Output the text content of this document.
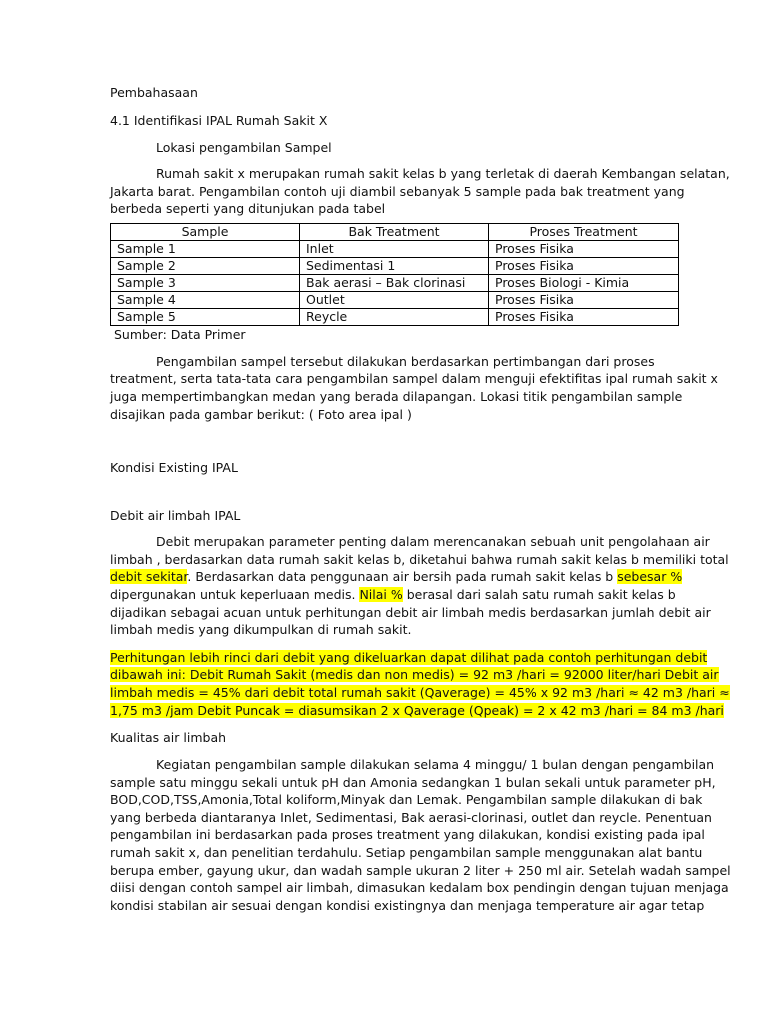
Pembahasaan

4.1 Identifikasi IPAL Rumah Sakit X

Lokasi pengambilan Sampel

Rumah sakit x merupakan rumah sakit kelas b yang terletak di daerah Kembangan selatan,

Jakarta barat. Pengambilan contoh uji diambil sebanyak 5 sample pada bak treatment yang

berbeda seperti yang ditunjukan pada tabel

Sample	Bak Treatment	Proses Treatment
Sample 1	Inlet	Proses Fisika
Sample 2	Sedimentasi 1	Proses Fisika
Sample 3	Bak aerasi – Bak clorinasi	Proses Biologi - Kimia
Sample 4	Outlet	Proses Fisika
Sample 5	Reycle	Proses Fisika

Sumber: Data Primer

Pengambilan sampel tersebut dilakukan berdasarkan pertimbangan dari proses

treatment, serta tata-tata cara pengambilan sampel dalam menguji efektifitas ipal rumah sakit x

juga mempertimbangkan medan yang berada dilapangan. Lokasi titik pengambilan sample

disajikan pada gambar berikut: ( Foto area ipal )

Kondisi Existing IPAL

Debit air limbah IPAL

Debit merupakan parameter penting dalam merencanakan sebuah unit pengolahaan air

limbah , berdasarkan data rumah sakit kelas b, diketahui bahwa rumah sakit kelas b memiliki total

debit sekitar. Berdasarkan data penggunaan air bersih pada rumah sakit kelas b sebesar %

dipergunakan untuk keperluaan medis. Nilai % berasal dari salah satu rumah sakit kelas b

dijadikan sebagai acuan untuk perhitungan debit air limbah medis berdasarkan jumlah debit air

limbah medis yang dikumpulkan di rumah sakit.

Perhitungan lebih rinci dari debit yang dikeluarkan dapat dilihat pada contoh perhitungan debit

dibawah ini: Debit Rumah Sakit (medis dan non medis) = 92 m3 /hari = 92000 liter/hari Debit air

limbah medis = 45% dari debit total rumah sakit (Qaverage) = 45% x 92 m3 /hari ≈ 42 m3 /hari ≈

1,75 m3 /jam Debit Puncak = diasumsikan 2 x Qaverage (Qpeak) = 2 x 42 m3 /hari = 84 m3 /hari

Kualitas air limbah

Kegiatan pengambilan sample dilakukan selama 4 minggu/ 1 bulan dengan pengambilan

sample satu minggu sekali untuk pH dan Amonia sedangkan 1 bulan sekali untuk parameter pH,

BOD,COD,TSS,Amonia,Total koliform,Minyak dan Lemak. Pengambilan sample dilakukan di bak

yang berbeda diantaranya Inlet, Sedimentasi, Bak aerasi-clorinasi, outlet dan reycle. Penentuan

pengambilan ini berdasarkan pada proses treatment yang dilakukan, kondisi existing pada ipal

rumah sakit x, dan penelitian terdahulu. Setiap pengambilan sample menggunakan alat bantu

berupa ember, gayung ukur, dan wadah sample ukuran 2 liter + 250 ml air. Setelah wadah sampel

diisi dengan contoh sampel air limbah, dimasukan kedalam box pendingin dengan tujuan menjaga

kondisi stabilan air sesuai dengan kondisi existingnya dan menjaga temperature air agar tetap
